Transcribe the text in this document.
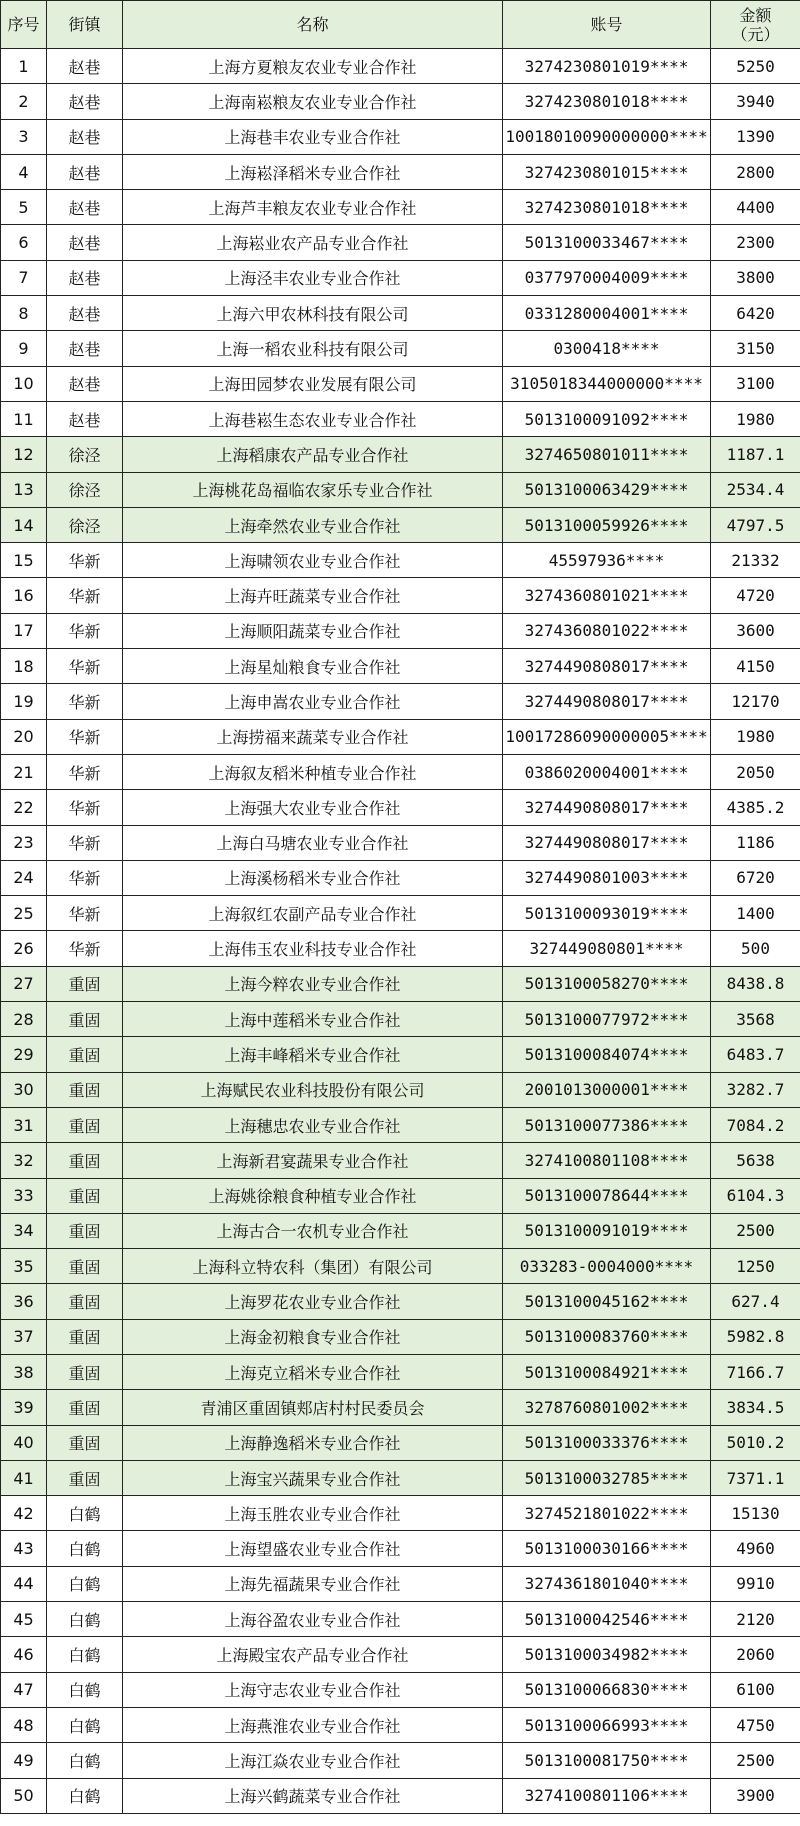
序号	街镇	名称	账号	金额
（元）

1	赵巷	上海方夏粮友农业专业合作社	3274230801019****	5250
2	赵巷	上海南崧粮友农业专业合作社	3274230801018****	3940
3	赵巷	上海巷丰农业专业合作社	10018010090000000****	1390
4	赵巷	上海崧泽稻米专业合作社	3274230801015****	2800
5	赵巷	上海芦丰粮友农业专业合作社	3274230801018****	4400
6	赵巷	上海崧业农产品专业合作社	5013100033467****	2300
7	赵巷	上海泾丰农业专业合作社	0377970004009****	3800
8	赵巷	上海六甲农林科技有限公司	0331280004001****	6420
9	赵巷	上海一稻农业科技有限公司	0300418****	3150
10	赵巷	上海田园梦农业发展有限公司	3105018344000000****	3100
11	赵巷	上海巷崧生态农业专业合作社	5013100091092****	1980
12	徐泾	上海稻康农产品专业合作社	3274650801011****	1187.1
13	徐泾	上海桃花岛福临农家乐专业合作社	5013100063429****	2534.4
14	徐泾	上海牵然农业专业合作社	5013100059926****	4797.5
15	华新	上海啸领农业专业合作社	45597936****	21332
16	华新	上海卉旺蔬菜专业合作社	3274360801021****	4720
17	华新	上海顺阳蔬菜专业合作社	3274360801022****	3600
18	华新	上海星灿粮食专业合作社	3274490808017****	4150
19	华新	上海申嵩农业专业合作社	3274490808017****	12170
20	华新	上海捞福来蔬菜专业合作社	10017286090000005****	1980
21	华新	上海叙友稻米种植专业合作社	0386020004001****	2050
22	华新	上海强大农业专业合作社	3274490808017****	4385.2
23	华新	上海白马塘农业专业合作社	3274490808017****	1186
24	华新	上海溪杨稻米专业合作社	3274490801003****	6720
25	华新	上海叙红农副产品专业合作社	5013100093019****	1400
26	华新	上海伟玉农业科技专业合作社	327449080801****	500
27	重固	上海今粹农业专业合作社	5013100058270****	8438.8
28	重固	上海中莲稻米专业合作社	5013100077972****	3568
29	重固	上海丰峰稻米专业合作社	5013100084074****	6483.7
30	重固	上海赋民农业科技股份有限公司	2001013000001****	3282.7
31	重固	上海穗忠农业专业合作社	5013100077386****	7084.2
32	重固	上海新君宴蔬果专业合作社	3274100801108****	5638
33	重固	上海姚徐粮食种植专业合作社	5013100078644****	6104.3
34	重固	上海古合一农机专业合作社	5013100091019****	2500
35	重固	上海科立特农科（集团）有限公司	033283-0004000****	1250
36	重固	上海罗花农业专业合作社	5013100045162****	627.4
37	重固	上海金初粮食专业合作社	5013100083760****	5982.8
38	重固	上海克立稻米专业合作社	5013100084921****	7166.7
39	重固	青浦区重固镇郏店村村民委员会	3278760801002****	3834.5
40	重固	上海静逸稻米专业合作社	5013100033376****	5010.2
41	重固	上海宝兴蔬果专业合作社	5013100032785****	7371.1
42	白鹤	上海玉胜农业专业合作社	3274521801022****	15130
43	白鹤	上海望盛农业专业合作社	5013100030166****	4960
44	白鹤	上海先福蔬果专业合作社	3274361801040****	9910
45	白鹤	上海谷盈农业专业合作社	5013100042546****	2120
46	白鹤	上海殿宝农产品专业合作社	5013100034982****	2060
47	白鹤	上海守志农业专业合作社	5013100066830****	6100
48	白鹤	上海燕淮农业专业合作社	5013100066993****	4750
49	白鹤	上海江焱农业专业合作社	5013100081750****	2500
50	白鹤	上海兴鹤蔬菜专业合作社	3274100801106****	3900
